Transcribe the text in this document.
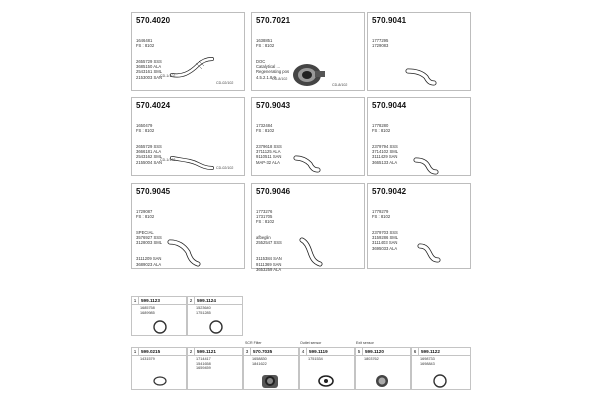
570.4020

1646481
FS : 8102

2655729 SSS
3685150 ALA
2543161 SML
2153003 SAN

CD-1/102
CD-02/102
570.7021

1638851
FS : 8102

DOC
Catalytical ...
Regenerating pos
4.5.2.1.8.9

CD-8/102
CD-8/102
570.9041

1777295
1729083

570.4024

1650479
FS : 8102

2655729 SSS
3666181 ALA
2543162 SML
2155004 SAN

CD-1/102
CD-02/102
570.9043

1732484
FS : 8102

2379618 SSS
3711125 ALA
9110511 SAN
MAP-32 ALA

570.9044

1778280
FS : 8102

2379794 SSS
3714102 SML
3111429 SAN
3665133 ALA

570.9045

1729087
FS : 8102

SPECIAL
3576927 SSS
3128003 SML

3111209 SAN
3689023 ALA

570.9046

1773276
1731705
FS : 8102

afbeglin
2552547 SSS

3115384 SAN
9111369 SAN
3653259 ALA

570.9042

1779279
FS : 8102

2379703 SSS
3159286 SML
3111403 SAN
3695033 ALA

1 599.1123
1685758
1689985
2 599.1124
1523640
1751285
SCR Filter	Outlet sensor	Exit sensor
1 599.0215
1431579
2 599.1121
1714417
1541658
1659459
3 570.7035
1658830
1841622
4 599.1119
1751534
5 599.1120
1803762
6 599.1122
1698733
1698843
